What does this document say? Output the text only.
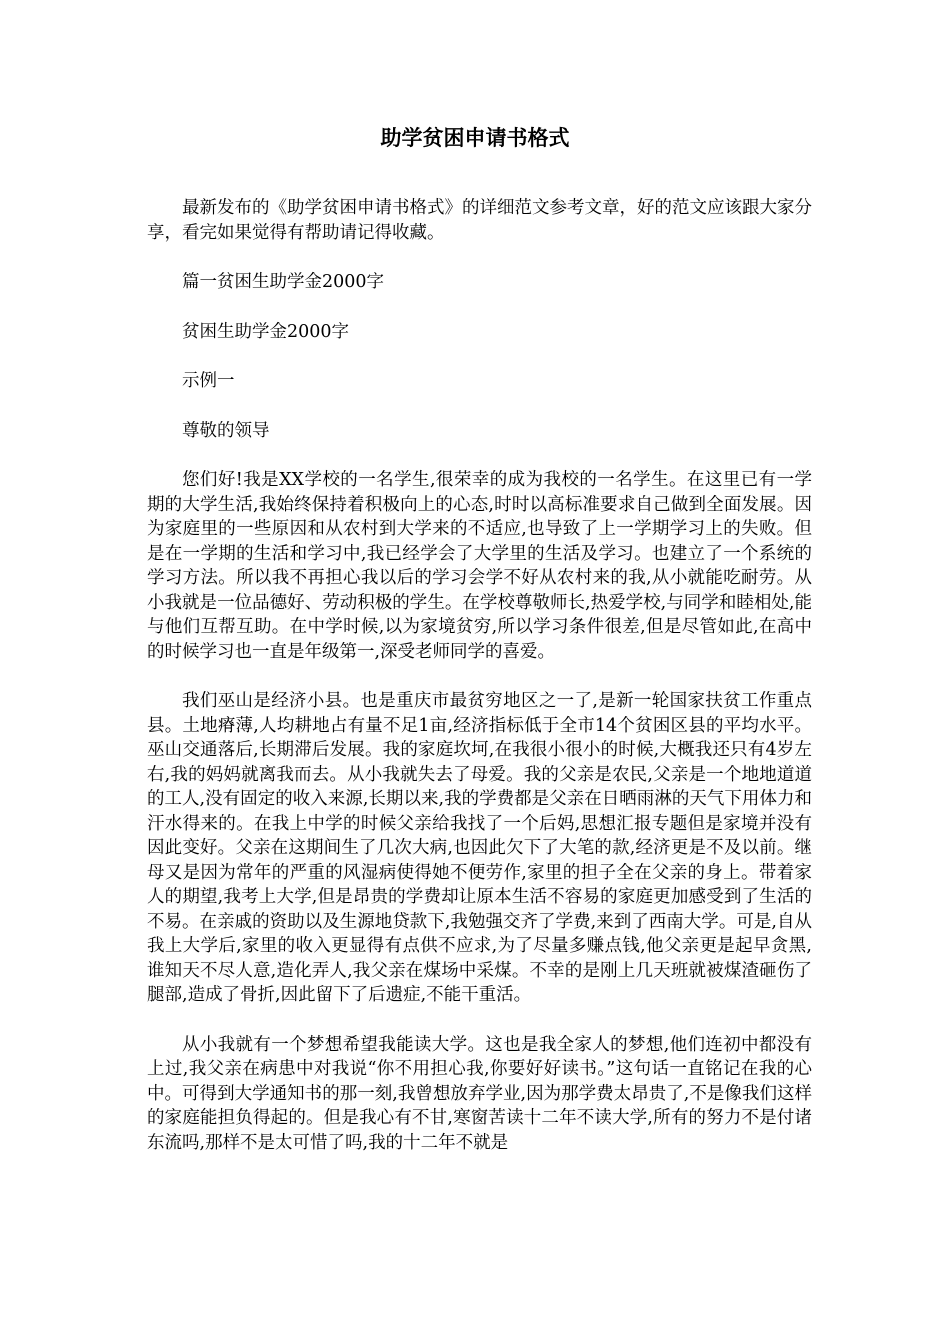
助学贫困申请书格式

最新发布的《助学贫困申请书格式》的详细范文参考文章，好的范文应该跟大家分享，看完如果觉得有帮助请记得收藏。

篇一贫困生助学金2000字

贫困生助学金2000字

示例一

尊敬的领导

您们好!我是XX学校的一名学生,很荣幸的成为我校的一名学生。在这里已有一学期的大学生活,我始终保持着积极向上的心态,时时以高标准要求自己做到全面发展。因为家庭里的一些原因和从农村到大学来的不适应,也导致了上一学期学习上的失败。但是在一学期的生活和学习中,我已经学会了大学里的生活及学习。也建立了一个系统的学习方法。所以我不再担心我以后的学习会学不好从农村来的我,从小就能吃耐劳。从小我就是一位品德好、劳动积极的学生。在学校尊敬师长,热爱学校,与同学和睦相处,能与他们互帮互助。在中学时候,以为家境贫穷,所以学习条件很差,但是尽管如此,在高中的时候学习也一直是年级第一,深受老师同学的喜爱。

我们巫山是经济小县。也是重庆市最贫穷地区之一了,是新一轮国家扶贫工作重点县。土地瘠薄,人均耕地占有量不足1亩,经济指标低于全市14个贫困区县的平均水平。巫山交通落后,长期滞后发展。我的家庭坎坷,在我很小很小的时候,大概我还只有4岁左右,我的妈妈就离我而去。从小我就失去了母爱。我的父亲是农民,父亲是一个地地道道的工人,没有固定的收入来源,长期以来,我的学费都是父亲在日晒雨淋的天气下用体力和汗水得来的。在我上中学的时候父亲给我找了一个后妈,思想汇报专题但是家境并没有因此变好。父亲在这期间生了几次大病,也因此欠下了大笔的款,经济更是不及以前。继母又是因为常年的严重的风湿病使得她不便劳作,家里的担子全在父亲的身上。带着家人的期望,我考上大学,但是昂贵的学费却让原本生活不容易的家庭更加感受到了生活的不易。在亲戚的资助以及生源地贷款下,我勉强交齐了学费,来到了西南大学。可是,自从我上大学后,家里的收入更显得有点供不应求,为了尽量多赚点钱,他父亲更是起早贪黑,谁知天不尽人意,造化弄人,我父亲在煤场中采煤。不幸的是刚上几天班就被煤渣砸伤了腿部,造成了骨折,因此留下了后遗症,不能干重活。

从小我就有一个梦想希望我能读大学。这也是我全家人的梦想,他们连初中都没有上过,我父亲在病患中对我说“你不用担心我,你要好好读书。”这句话一直铭记在我的心中。可得到大学通知书的那一刻,我曾想放弃学业,因为那学费太昂贵了,不是像我们这样的家庭能担负得起的。但是我心有不甘,寒窗苦读十二年不读大学,所有的努力不是付诸东流吗,那样不是太可惜了吗,我的十二年不就是
